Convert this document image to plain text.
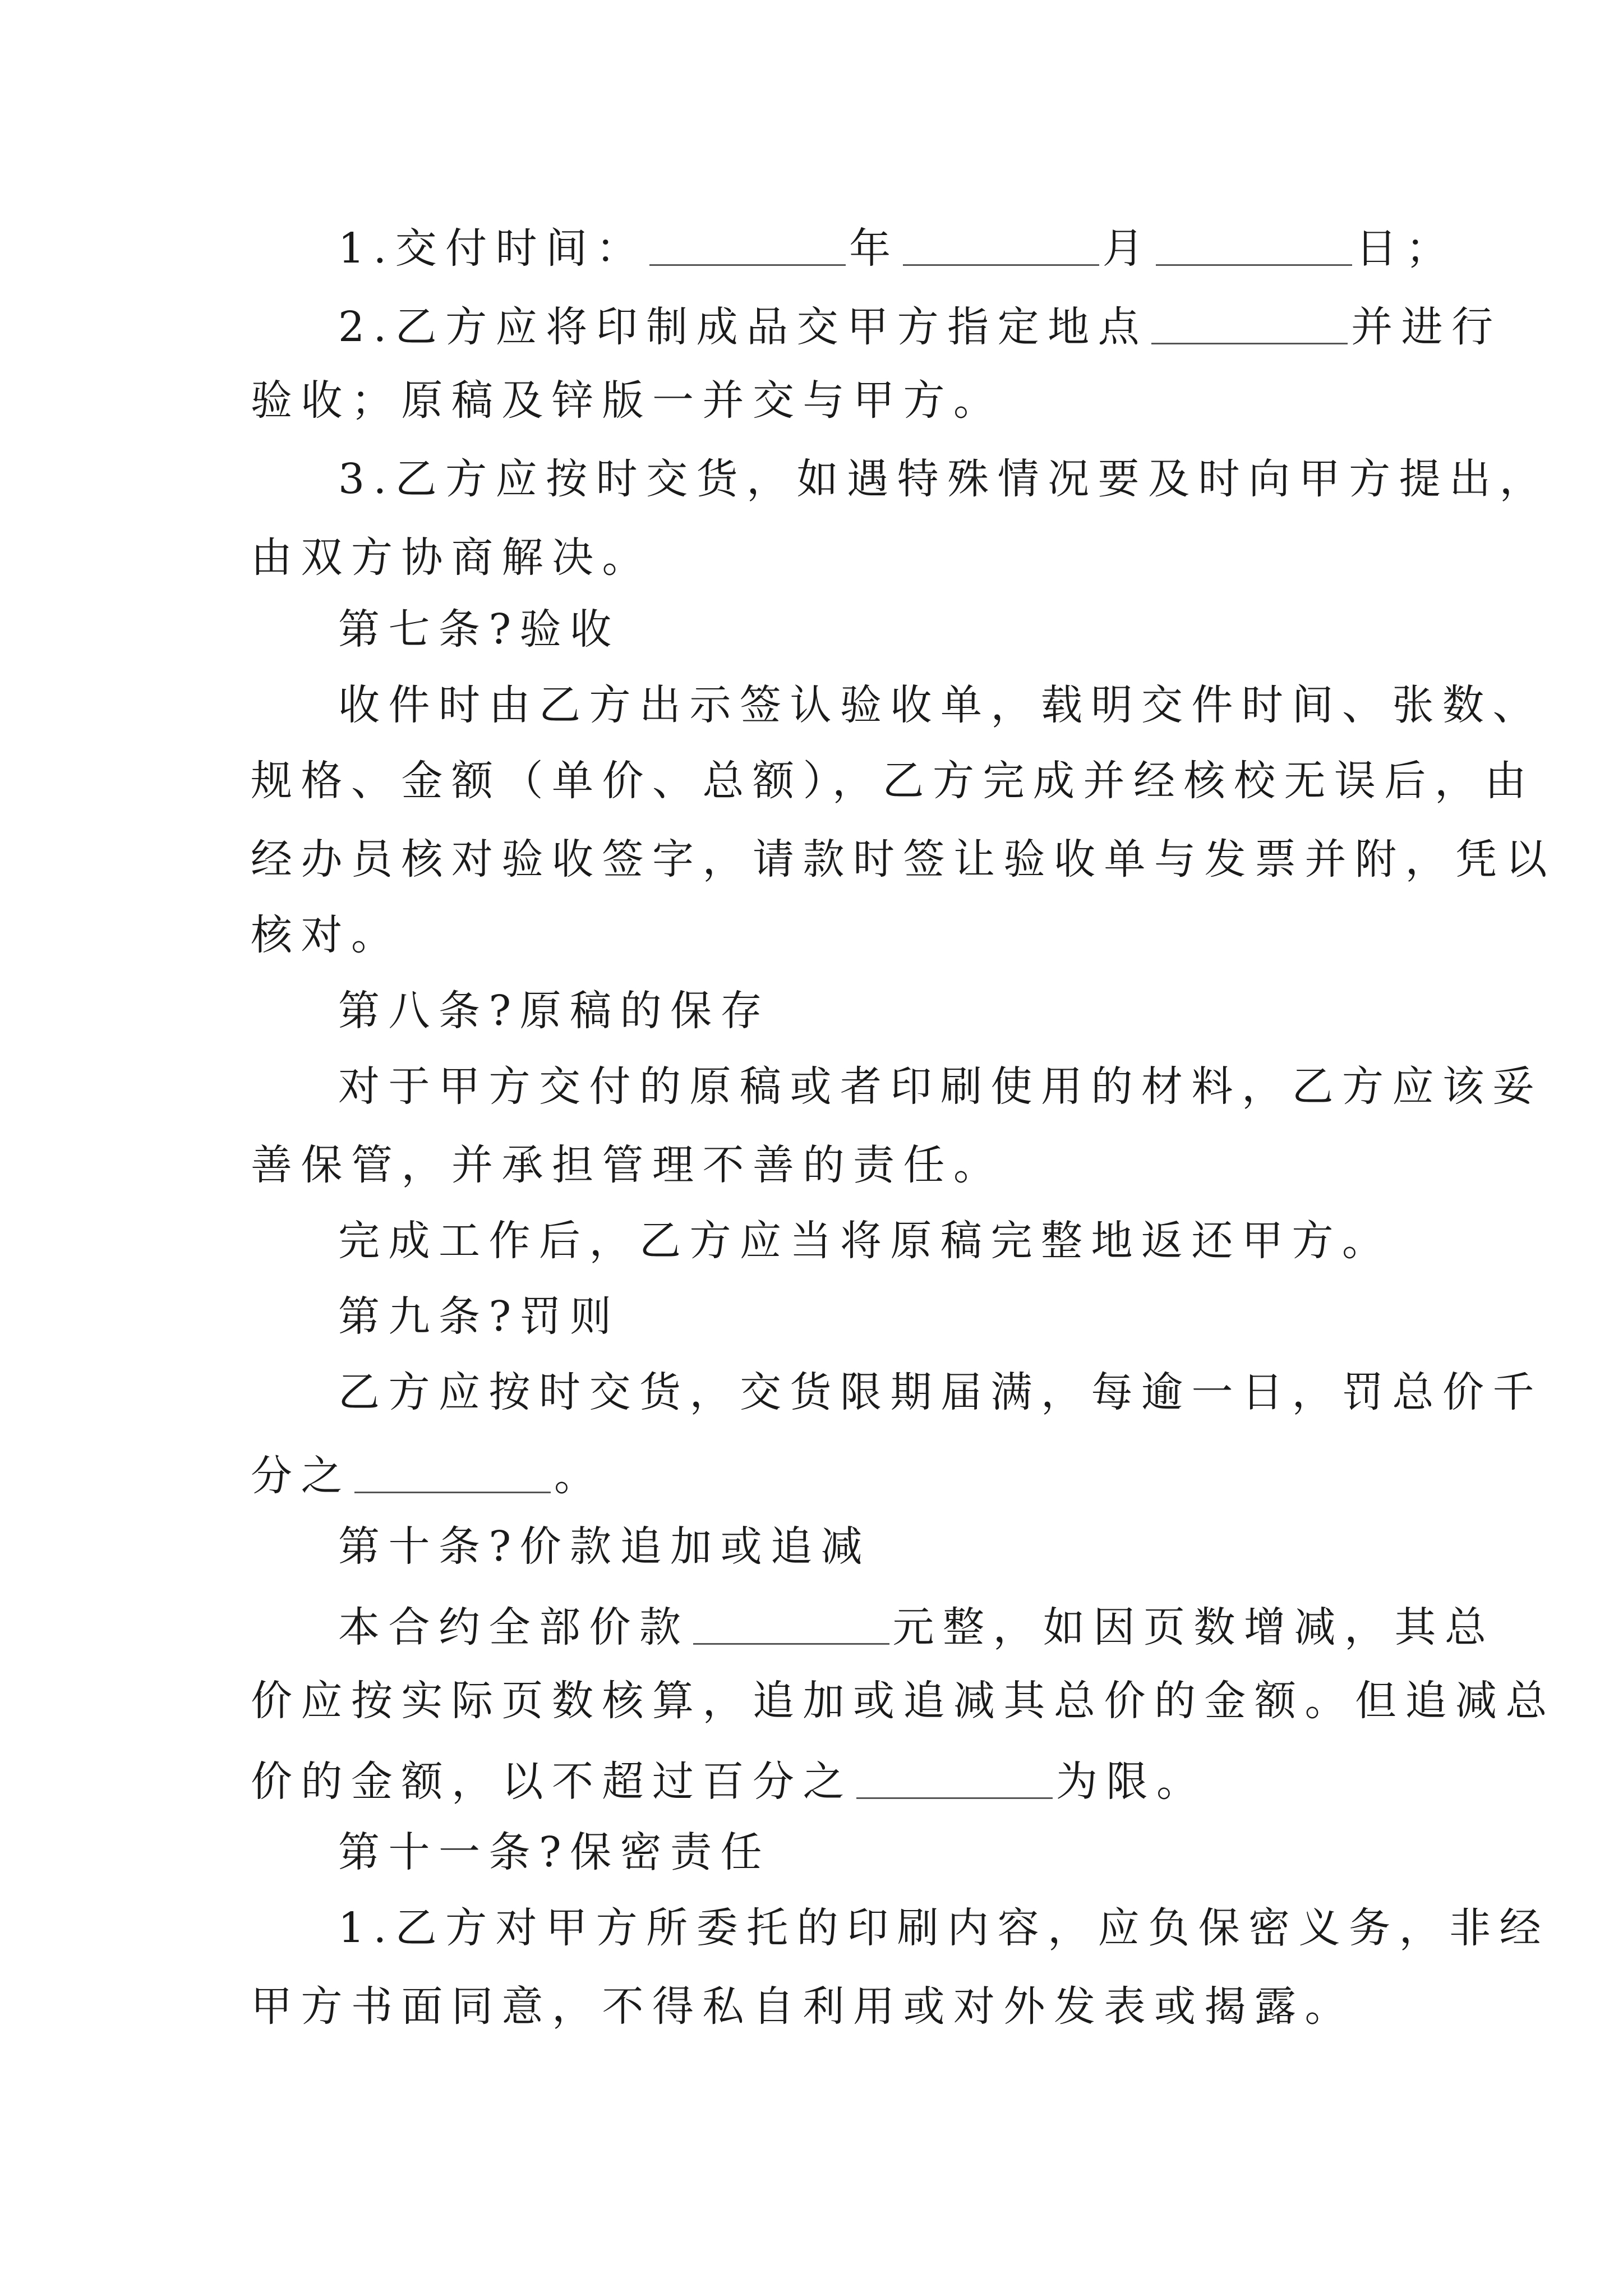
1.交付时间：	年	月	日；
2.乙方应将印制成品交甲方指定地点	并进行
验收；原稿及锌版一并交与甲方。
3.乙方应按时交货，如遇特殊情况要及时向甲方提出，
由双方协商解决。
第七条?验收
收件时由乙方出示签认验收单，载明交件时间、张数、
规格、金额（单价、总额），乙方完成并经核校无误后，由
经办员核对验收签字，请款时签让验收单与发票并附，凭以
核对。
第八条?原稿的保存
对于甲方交付的原稿或者印刷使用的材料，乙方应该妥
善保管，并承担管理不善的责任。
完成工作后，乙方应当将原稿完整地返还甲方。
第九条?罚则
乙方应按时交货，交货限期届满，每逾一日，罚总价千
分之	。
第十条?价款追加或追减
本合约全部价款	元整，如因页数增减，其总
价应按实际页数核算，追加或追减其总价的金额。但追减总
价的金额，以不超过百分之	为限。
第十一条?保密责任
1.乙方对甲方所委托的印刷内容，应负保密义务，非经
甲方书面同意，不得私自利用或对外发表或揭露。
